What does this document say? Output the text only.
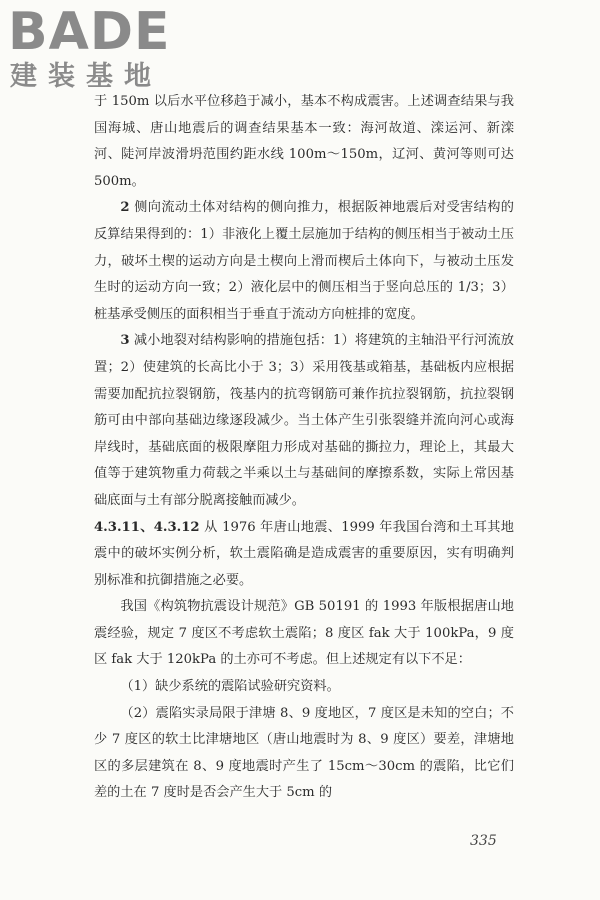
BADE
建装基地

于 150m 以后水平位移趋于减小，基本不构成震害。上述调查结果与我国海城、唐山地震后的调查结果基本一致：海河故道、滦运河、新滦河、陡河岸波滑坍范围约距水线 100m～150m，辽河、黄河等则可达 500m。

2 侧向流动土体对结构的侧向推力，根据阪神地震后对受害结构的反算结果得到的：1）非液化上覆土层施加于结构的侧压相当于被动土压力，破坏土楔的运动方向是土楔向上滑而楔后土体向下，与被动土压发生时的运动方向一致；2）液化层中的侧压相当于竖向总压的 1/3；3）桩基承受侧压的面积相当于垂直于流动方向桩排的宽度。

3 减小地裂对结构影响的措施包括：1）将建筑的主轴沿平行河流放置；2）使建筑的长高比小于 3；3）采用筏基或箱基，基础板内应根据需要加配抗拉裂钢筋，筏基内的抗弯钢筋可兼作抗拉裂钢筋，抗拉裂钢筋可由中部向基础边缘逐段减少。当土体产生引张裂缝并流向河心或海岸线时，基础底面的极限摩阻力形成对基础的撕拉力，理论上，其最大值等于建筑物重力荷载之半乘以土与基础间的摩擦系数，实际上常因基础底面与土有部分脱离接触而减少。

4.3.11、4.3.12 从 1976 年唐山地震、1999 年我国台湾和土耳其地震中的破坏实例分析，软土震陷确是造成震害的重要原因，实有明确判别标准和抗御措施之必要。

我国《构筑物抗震设计规范》GB 50191 的 1993 年版根据唐山地震经验，规定 7 度区不考虑软土震陷；8 度区 fak 大于 100kPa，9 度区 fak 大于 120kPa 的土亦可不考虑。但上述规定有以下不足：

（1）缺少系统的震陷试验研究资料。

（2）震陷实录局限于津塘 8、9 度地区，7 度区是未知的空白；不少 7 度区的软土比津塘地区（唐山地震时为 8、9 度区）要差，津塘地区的多层建筑在 8、9 度地震时产生了 15cm～30cm 的震陷，比它们差的土在 7 度时是否会产生大于 5cm 的

335
